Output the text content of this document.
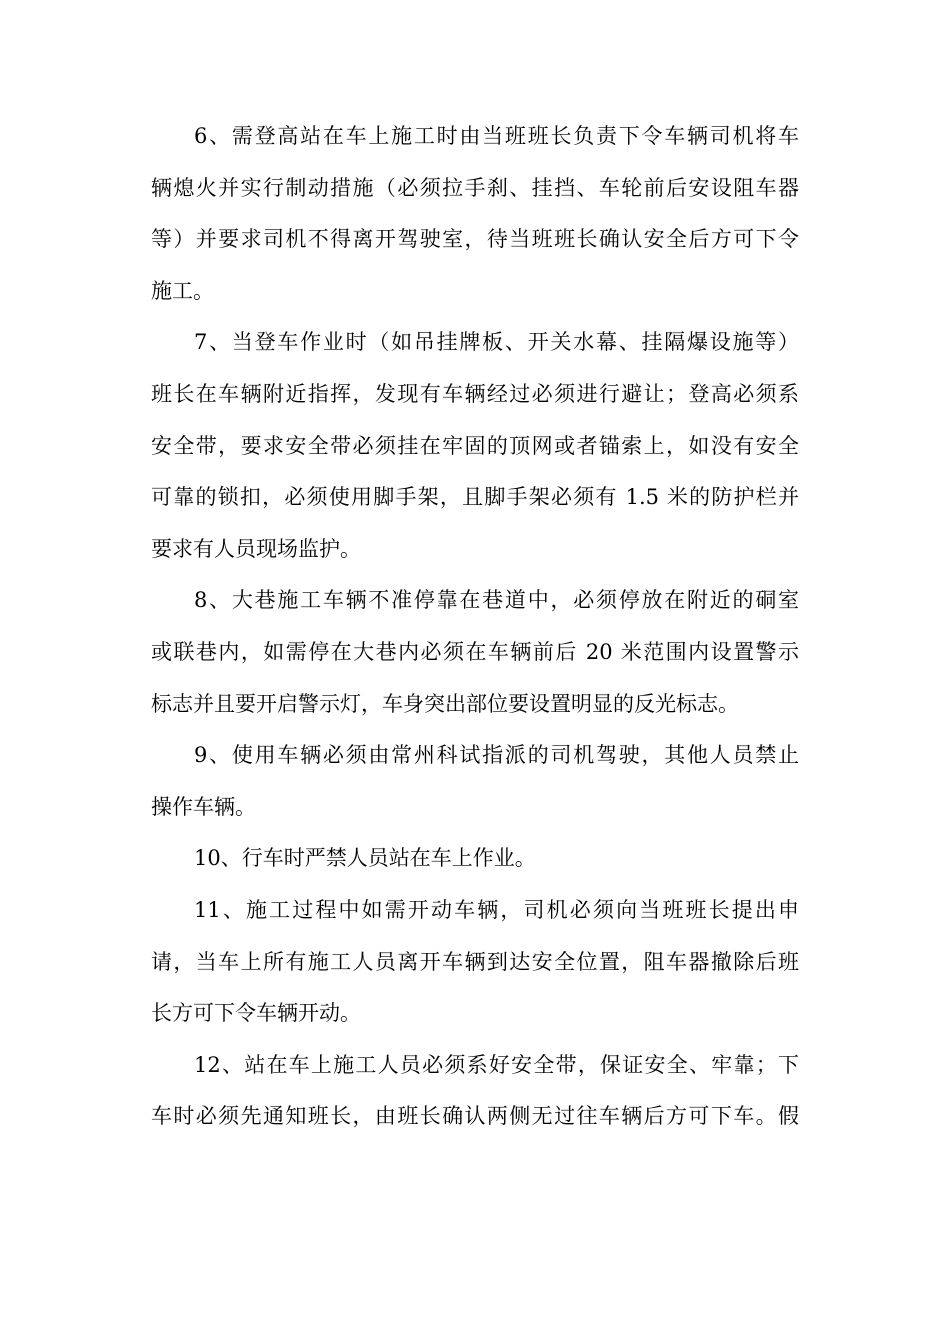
6、需登高站在车上施工时由当班班长负责下令车辆司机将车
辆熄火并实行制动措施（必须拉手刹、挂挡、车轮前后安设阻车器
等）并要求司机不得离开驾驶室，待当班班长确认安全后方可下令
施工。
7、当登车作业时（如吊挂牌板、开关水幕、挂隔爆设施等）
班长在车辆附近指挥，发现有车辆经过必须进行避让；登高必须系
安全带，要求安全带必须挂在牢固的顶网或者锚索上，如没有安全
可靠的锁扣，必须使用脚手架，且脚手架必须有 1.5 米的防护栏并
要求有人员现场监护。
8、大巷施工车辆不准停靠在巷道中，必须停放在附近的硐室
或联巷内，如需停在大巷内必须在车辆前后 20 米范围内设置警示
标志并且要开启警示灯，车身突出部位要设置明显的反光标志。
9、使用车辆必须由常州科试指派的司机驾驶，其他人员禁止
操作车辆。
10、行车时严禁人员站在车上作业。
11、施工过程中如需开动车辆，司机必须向当班班长提出申
请，当车上所有施工人员离开车辆到达安全位置，阻车器撤除后班
长方可下令车辆开动。
12、站在车上施工人员必须系好安全带，保证安全、牢靠；下
车时必须先通知班长，由班长确认两侧无过往车辆后方可下车。假
